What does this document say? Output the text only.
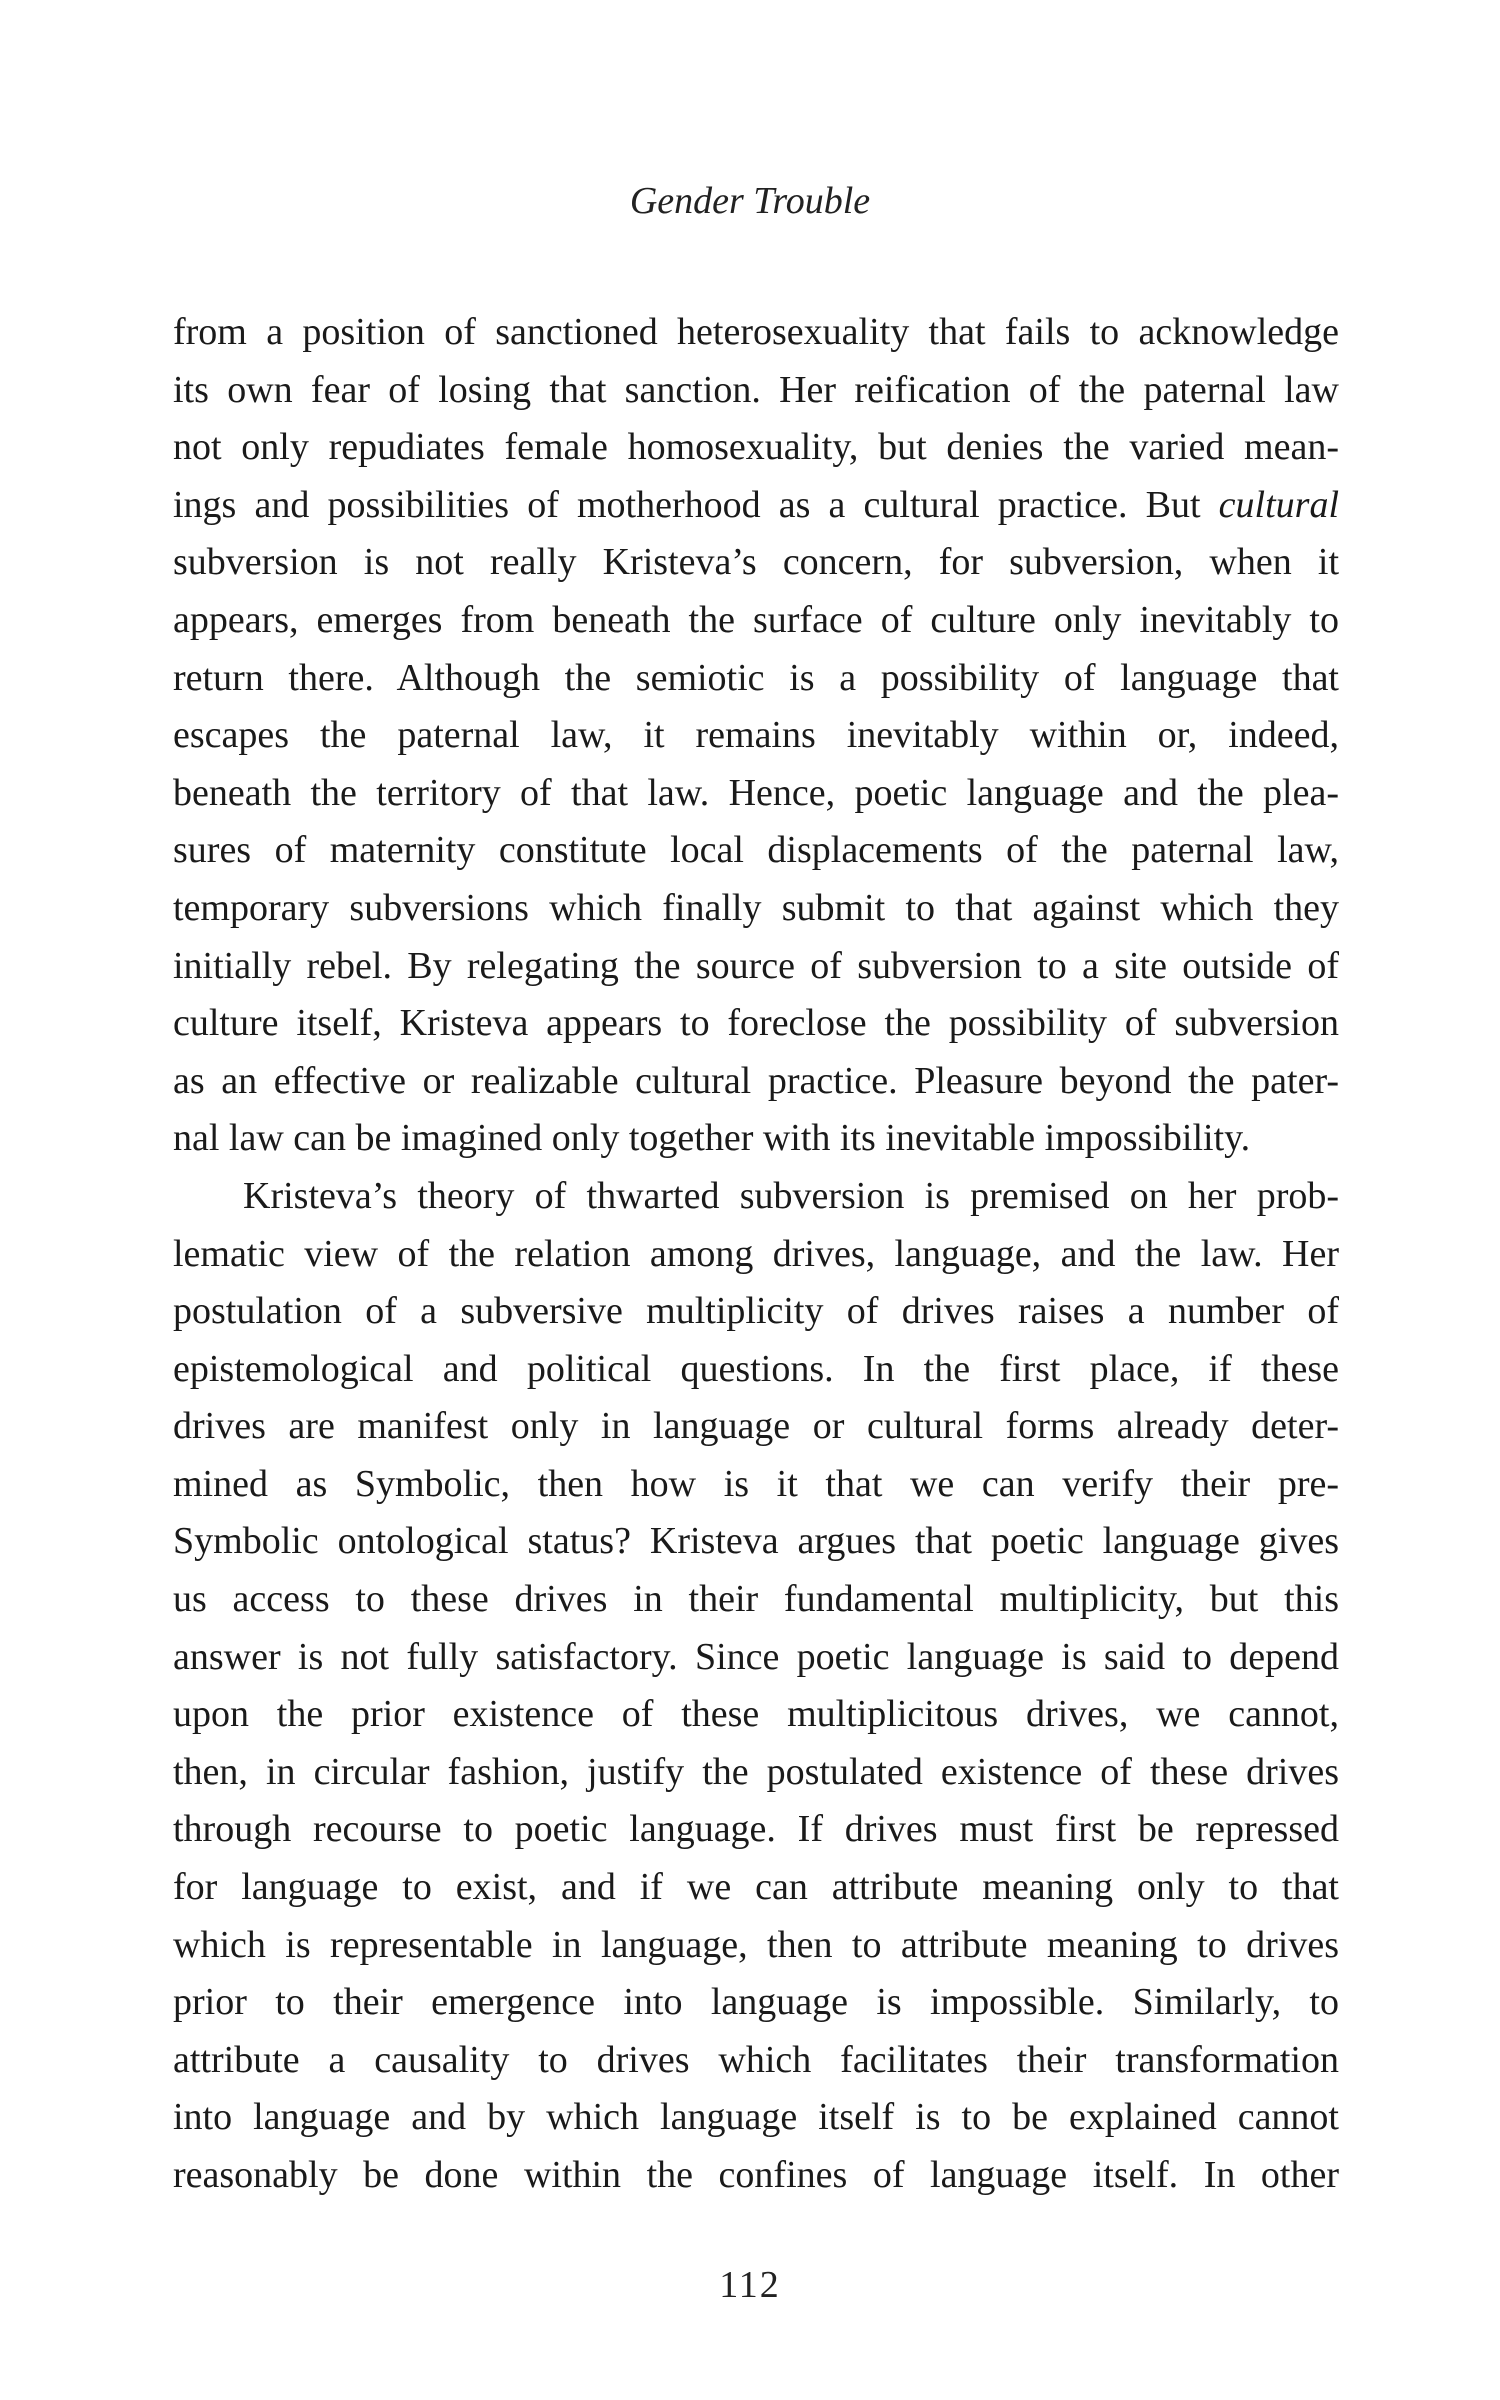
Gender Trouble

from a position of sanctioned heterosexuality that fails to acknowledge
its own fear of losing that sanction. Her reification of the paternal law
not only repudiates female homosexuality, but denies the varied mean-
ings and possibilities of motherhood as a cultural practice. But cultural
subversion is not really Kristeva’s concern, for subversion, when it
appears, emerges from beneath the surface of culture only inevitably to
return there. Although the semiotic is a possibility of language that
escapes the paternal law, it remains inevitably within or, indeed,
beneath the territory of that law. Hence, poetic language and the plea-
sures of maternity constitute local displacements of the paternal law,
temporary subversions which finally submit to that against which they
initially rebel. By relegating the source of subversion to a site outside of
culture itself, Kristeva appears to foreclose the possibility of subversion
as an effective or realizable cultural practice. Pleasure beyond the pater-
nal law can be imagined only together with its inevitable impossibility.
Kristeva’s theory of thwarted subversion is premised on her prob-
lematic view of the relation among drives, language, and the law. Her
postulation of a subversive multiplicity of drives raises a number of
epistemological and political questions. In the first place, if these
drives are manifest only in language or cultural forms already deter-
mined as Symbolic, then how is it that we can verify their pre-
Symbolic ontological status? Kristeva argues that poetic language gives
us access to these drives in their fundamental multiplicity, but this
answer is not fully satisfactory. Since poetic language is said to depend
upon the prior existence of these multiplicitous drives, we cannot,
then, in circular fashion, justify the postulated existence of these drives
through recourse to poetic language. If drives must first be repressed
for language to exist, and if we can attribute meaning only to that
which is representable in language, then to attribute meaning to drives
prior to their emergence into language is impossible. Similarly, to
attribute a causality to drives which facilitates their transformation
into language and by which language itself is to be explained cannot
reasonably be done within the confines of language itself. In other

112
